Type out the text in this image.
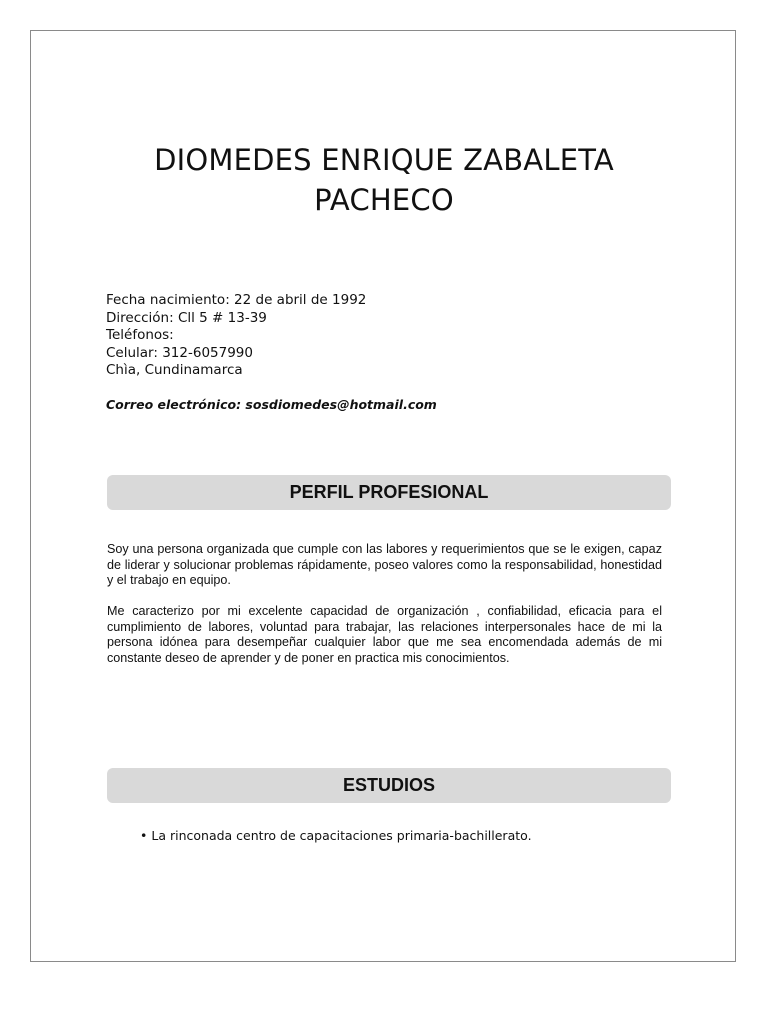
DIOMEDES ENRIQUE ZABALETA
PACHECO
Fecha nacimiento: 22 de abril de 1992
Dirección: Cll 5 # 13-39
Teléfonos:
Celular: 312-6057990
Chìa, Cundinamarca
Correo electrónico: sosdiomedes@hotmail.com
PERFIL PROFESIONAL
Soy una persona organizada que cumple con las labores y requerimientos que se le exigen, capaz de liderar y solucionar problemas rápidamente, poseo valores como la responsabilidad, honestidad y el trabajo en equipo.
Me caracterizo por mi excelente capacidad de organización , confiabilidad, eficacia para el cumplimiento de labores, voluntad para trabajar, las relaciones interpersonales hace de mi la persona idónea para desempeñar cualquier labor que me sea encomendada además de mi constante deseo de aprender y de poner en practica mis conocimientos.
ESTUDIOS
• La rinconada centro de capacitaciones primaria-bachillerato.
